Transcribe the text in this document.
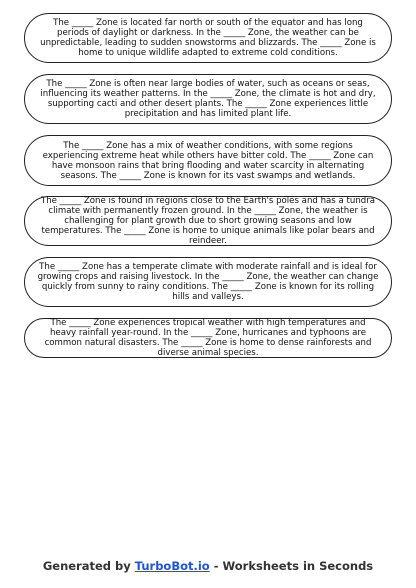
The _____ Zone is located far north or south of the equator and has long periods of daylight or darkness. In the _____ Zone, the weather can be unpredictable, leading to sudden snowstorms and blizzards. The _____ Zone is home to unique wildlife adapted to extreme cold conditions.

The _____ Zone is often near large bodies of water, such as oceans or seas, influencing its weather patterns. In the _____ Zone, the climate is hot and dry, supporting cacti and other desert plants. The _____ Zone experiences little precipitation and has limited plant life.

The _____ Zone has a mix of weather conditions, with some regions experiencing extreme heat while others have bitter cold. The _____ Zone can have monsoon rains that bring flooding and water scarcity in alternating seasons. The _____ Zone is known for its vast swamps and wetlands.

The _____ Zone is found in regions close to the Earth's poles and has a tundra climate with permanently frozen ground. In the _____ Zone, the weather is challenging for plant growth due to short growing seasons and low temperatures. The _____ Zone is home to unique animals like polar bears and reindeer.

The _____ Zone has a temperate climate with moderate rainfall and is ideal for growing crops and raising livestock. In the _____ Zone, the weather can change quickly from sunny to rainy conditions. The _____ Zone is known for its rolling hills and valleys.

The _____ Zone experiences tropical weather with high temperatures and heavy rainfall year-round. In the _____ Zone, hurricanes and typhoons are common natural disasters. The _____ Zone is home to dense rainforests and diverse animal species.

Generated by TurboBot.io - Worksheets in Seconds
